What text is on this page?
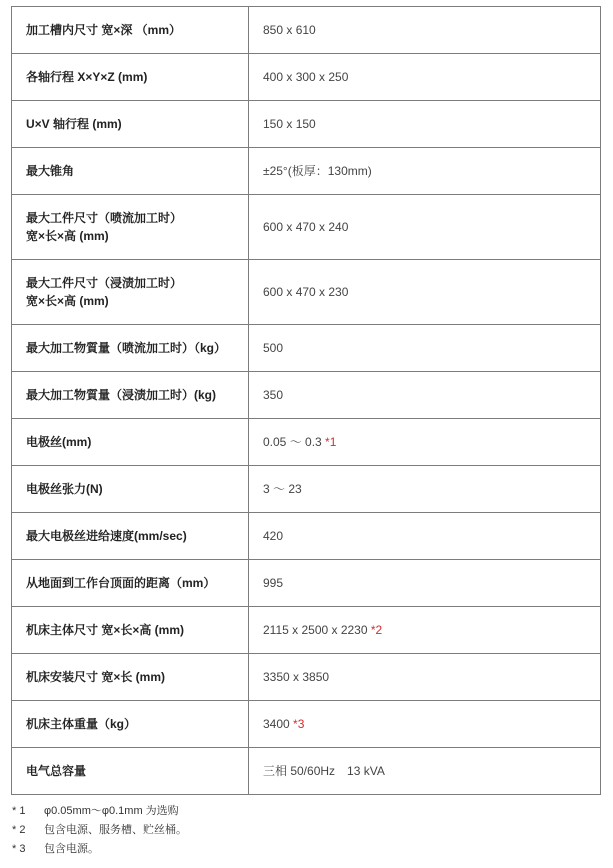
加工槽内尺寸 宽×深 （mm）	850 x 610
各轴行程 X×Y×Z (mm)	400 x 300 x 250
U×V 轴行程 (mm)	150 x 150
最大锥角	±25°(板厚：130mm)
最大工件尺寸（喷流加工时）
宽×长×高 (mm)	600 x 470 x 240
最大工件尺寸（浸渍加工时）
宽×长×高 (mm)	600 x 470 x 230
最大加工物質量（喷流加工时）（kg）	500
最大加工物質量（浸渍加工时）(kg)	350
电极丝(mm)	0.05 ～ 0.3 *1
电极丝张力(N)	3 ～ 23
最大电极丝进给速度(mm/sec)	420
从地面到工作台顶面的距离（mm）	995
机床主体尺寸 宽×长×高 (mm)	2115 x 2500 x 2230 *2
机床安装尺寸 宽×长 (mm)	3350 x 3850
机床主体重量（kg）	3400 *3
电气总容量	三相 50/60Hz　13 kVA
* 1	φ0.05mm～φ0.1mm 为选购
* 2	包含电源、服务槽、贮丝桶。
* 3	包含电源。
